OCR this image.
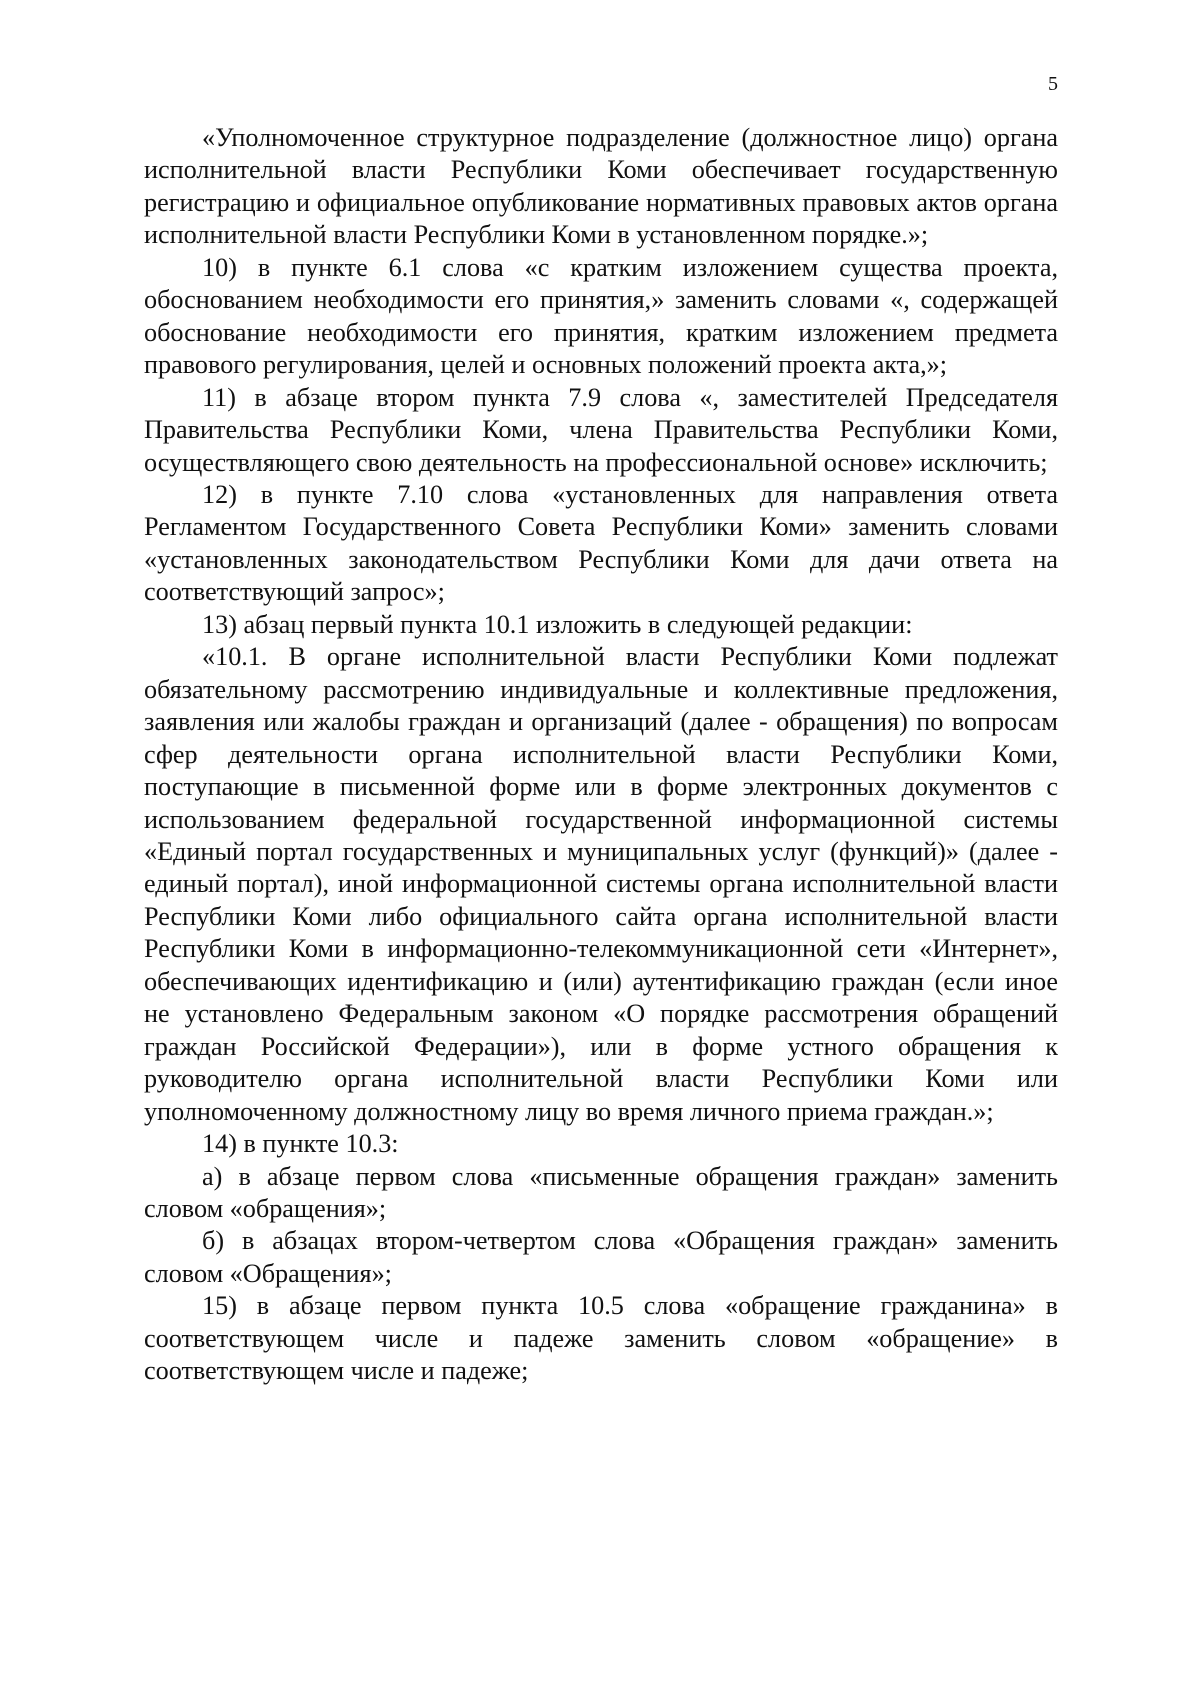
5

«Уполномоченное структурное подразделение (должностное лицо) органа исполнительной власти Республики Коми обеспечивает государственную регистрацию и официальное опубликование нормативных правовых актов органа исполнительной власти Республики Коми в установленном порядке.»;

10) в пункте 6.1 слова «с кратким изложением существа проекта, обоснованием необходимости его принятия,» заменить словами «, содержащей обоснование необходимости его принятия, кратким изложением предмета правового регулирования, целей и основных положений проекта акта,»;

11) в абзаце втором пункта 7.9 слова «, заместителей Председателя Правительства Республики Коми, члена Правительства Республики Коми, осуществляющего свою деятельность на профессиональной основе» исключить;

12) в пункте 7.10 слова «установленных для направления ответа Регламентом Государственного Совета Республики Коми» заменить словами «установленных законодательством Республики Коми для дачи ответа на соответствующий запрос»;

13) абзац первый пункта 10.1 изложить в следующей редакции:

«10.1. В органе исполнительной власти Республики Коми подлежат обязательному рассмотрению индивидуальные и коллективные предложения, заявления или жалобы граждан и организаций (далее - обращения) по вопросам сфер деятельности органа исполнительной власти Республики Коми, поступающие в письменной форме или в форме электронных документов с использованием федеральной государственной информационной системы «Единый портал государственных и муниципальных услуг (функций)» (далее - единый портал), иной информационной системы органа исполнительной власти Республики Коми либо официального сайта органа исполнительной власти Республики Коми в информационно-телекоммуникационной сети «Интернет», обеспечивающих идентификацию и (или) аутентификацию граждан (если иное не установлено Федеральным законом «О порядке рассмотрения обращений граждан Российской Федерации»), или в форме устного обращения к руководителю органа исполнительной власти Республики Коми или уполномоченному должностному лицу во время личного приема граждан.»;

14) в пункте 10.3:

а) в абзаце первом слова «письменные обращения граждан» заменить словом «обращения»;

б) в абзацах втором-четвертом слова «Обращения граждан» заменить словом «Обращения»;

15) в абзаце первом пункта 10.5 слова «обращение гражданина» в соответствующем числе и падеже заменить словом «обращение» в соответствующем числе и падеже;
